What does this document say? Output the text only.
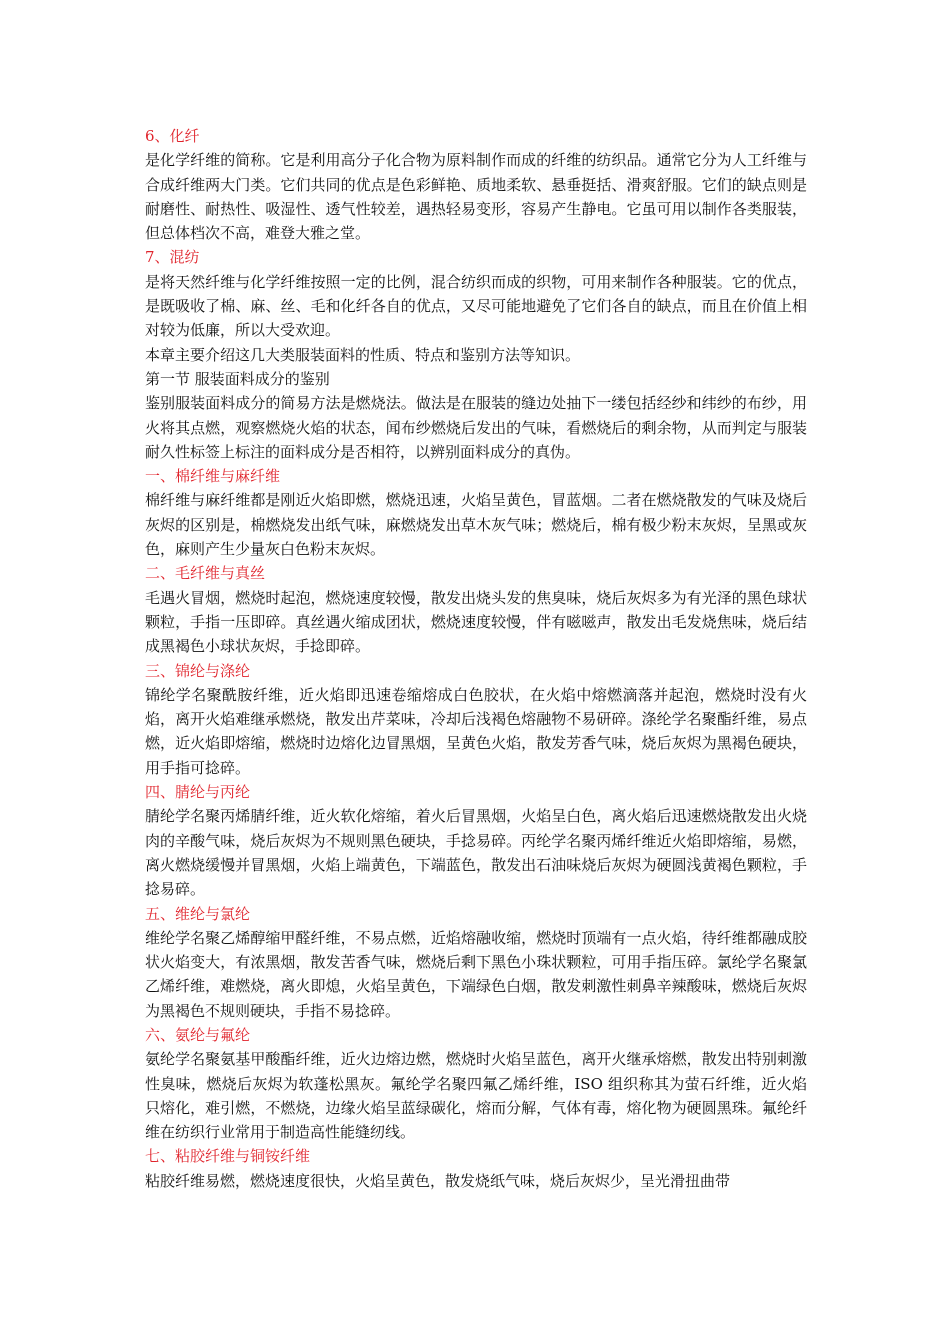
6、化纤

是化学纤维的简称。它是利用高分子化合物为原料制作而成的纤维的纺织品。通常它分为人工纤维与合成纤维两大门类。它们共同的优点是色彩鲜艳、质地柔软、悬垂挺括、滑爽舒服。它们的缺点则是耐磨性、耐热性、吸湿性、透气性较差，遇热轻易变形，容易产生静电。它虽可用以制作各类服装，但总体档次不高，难登大雅之堂。

7、混纺

是将天然纤维与化学纤维按照一定的比例，混合纺织而成的织物，可用来制作各种服装。它的优点，是既吸收了棉、麻、丝、毛和化纤各自的优点，又尽可能地避免了它们各自的缺点，而且在价值上相对较为低廉，所以大受欢迎。

本章主要介绍这几大类服装面料的性质、特点和鉴别方法等知识。

第一节 服装面料成分的鉴别

鉴别服装面料成分的简易方法是燃烧法。做法是在服装的缝边处抽下一缕包括经纱和纬纱的布纱，用火将其点燃，观察燃烧火焰的状态，闻布纱燃烧后发出的气味，看燃烧后的剩余物，从而判定与服装耐久性标签上标注的面料成分是否相符，以辨别面料成分的真伪。

一、棉纤维与麻纤维

棉纤维与麻纤维都是刚近火焰即燃，燃烧迅速，火焰呈黄色，冒蓝烟。二者在燃烧散发的气味及烧后灰烬的区别是，棉燃烧发出纸气味，麻燃烧发出草木灰气味；燃烧后，棉有极少粉末灰烬，呈黑或灰色，麻则产生少量灰白色粉末灰烬。

二、毛纤维与真丝

毛遇火冒烟，燃烧时起泡，燃烧速度较慢，散发出烧头发的焦臭味，烧后灰烬多为有光泽的黑色球状颗粒，手指一压即碎。真丝遇火缩成团状，燃烧速度较慢，伴有嗞嗞声，散发出毛发烧焦味，烧后结成黑褐色小球状灰烬，手捻即碎。

三、锦纶与涤纶

锦纶学名聚酰胺纤维，近火焰即迅速卷缩熔成白色胶状，在火焰中熔燃滴落并起泡，燃烧时没有火焰，离开火焰难继承燃烧，散发出芹菜味，冷却后浅褐色熔融物不易研碎。涤纶学名聚酯纤维，易点燃，近火焰即熔缩，燃烧时边熔化边冒黑烟，呈黄色火焰，散发芳香气味，烧后灰烬为黑褐色硬块，用手指可捻碎。

四、腈纶与丙纶

腈纶学名聚丙烯腈纤维，近火软化熔缩，着火后冒黑烟，火焰呈白色，离火焰后迅速燃烧散发出火烧肉的辛酸气味，烧后灰烬为不规则黑色硬块，手捻易碎。丙纶学名聚丙烯纤维近火焰即熔缩，易燃，离火燃烧缓慢并冒黑烟，火焰上端黄色，下端蓝色，散发出石油味烧后灰烬为硬圆浅黄褐色颗粒，手捻易碎。

五、维纶与氯纶

维纶学名聚乙烯醇缩甲醛纤维，不易点燃，近焰熔融收缩，燃烧时顶端有一点火焰，待纤维都融成胶状火焰变大，有浓黑烟，散发苦香气味，燃烧后剩下黑色小珠状颗粒，可用手指压碎。氯纶学名聚氯乙烯纤维，难燃烧，离火即熄，火焰呈黄色，下端绿色白烟，散发刺激性刺鼻辛辣酸味，燃烧后灰烬为黑褐色不规则硬块，手指不易捻碎。

六、氨纶与氟纶

氨纶学名聚氨基甲酸酯纤维，近火边熔边燃，燃烧时火焰呈蓝色，离开火继承熔燃，散发出特别刺激性臭味，燃烧后灰烬为软蓬松黑灰。氟纶学名聚四氟乙烯纤维，ISO 组织称其为萤石纤维，近火焰只熔化，难引燃，不燃烧，边缘火焰呈蓝绿碳化，熔而分解，气体有毒，熔化物为硬圆黑珠。氟纶纤维在纺织行业常用于制造高性能缝纫线。

七、粘胶纤维与铜铵纤维

粘胶纤维易燃，燃烧速度很快，火焰呈黄色，散发烧纸气味，烧后灰烬少，呈光滑扭曲带
